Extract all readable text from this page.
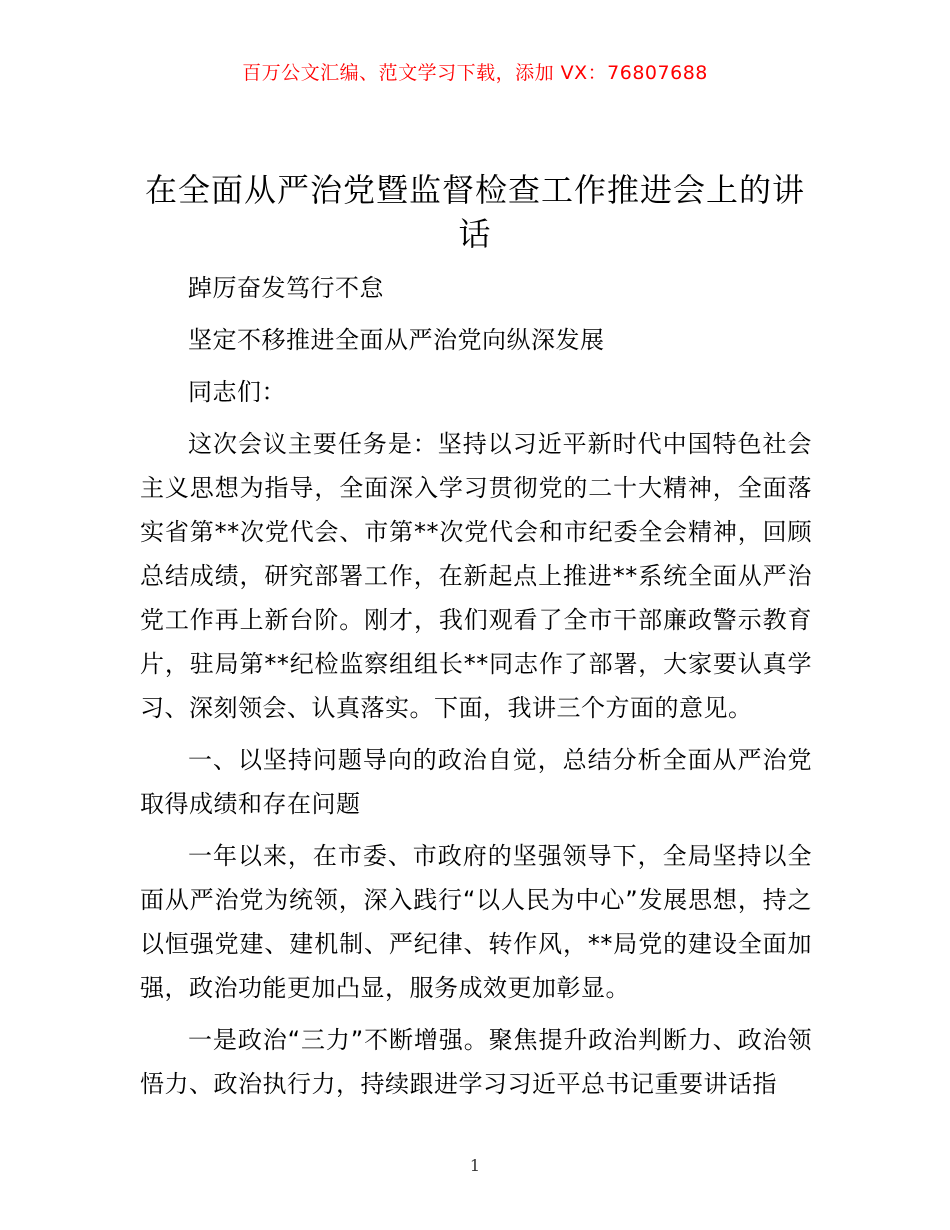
百万公文汇编、范文学习下载，添加 VX：76807688
在全面从严治党暨监督检查工作推进会上的讲话

踔厉奋发笃行不怠

坚定不移推进全面从严治党向纵深发展

同志们：

这次会议主要任务是：坚持以习近平新时代中国特色社会主义思想为指导，全面深入学习贯彻党的二十大精神，全面落实省第**次党代会、市第**次党代会和市纪委全会精神，回顾总结成绩，研究部署工作，在新起点上推进**系统全面从严治党工作再上新台阶。刚才，我们观看了全市干部廉政警示教育片，驻局第**纪检监察组组长**同志作了部署，大家要认真学习、深刻领会、认真落实。下面，我讲三个方面的意见。

一、以坚持问题导向的政治自觉，总结分析全面从严治党取得成绩和存在问题

一年以来，在市委、市政府的坚强领导下，全局坚持以全面从严治党为统领，深入践行“以人民为中心”发展思想，持之以恒强党建、建机制、严纪律、转作风，**局党的建设全面加强，政治功能更加凸显，服务成效更加彰显。

一是政治“三力”不断增强。聚焦提升政治判断力、政治领悟力、政治执行力，持续跟进学习习近平总书记重要讲话指

1
